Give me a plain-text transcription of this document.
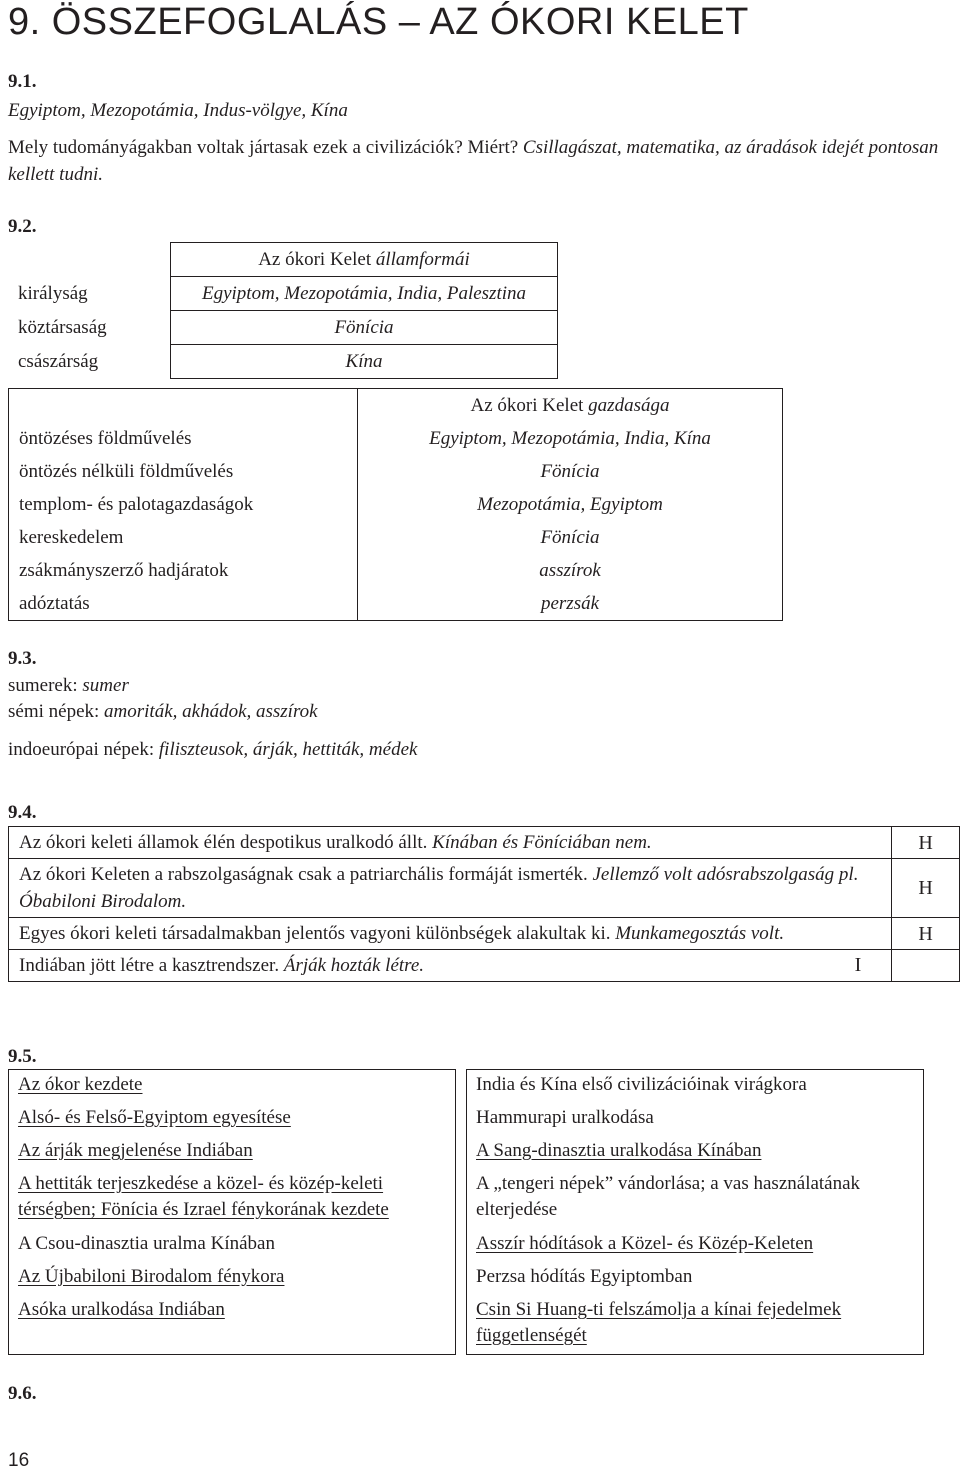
9. ÖSSZEFOGLALÁS – AZ ÓKORI KELET
9.1.
Egyiptom, Mezopotámia, Indus-völgye, Kína
Mely tudományágakban voltak jártasak ezek a civilizációk? Miért? Csillagászat, matematika, az áradások idejét pontosan kellett tudni.
9.2.
	Az ókori Kelet államformái
királyság	Egyiptom, Mezopotámia, India, Palesztina
köztársaság	Fönícia
császárság	Kína
	Az ókori Kelet gazdasága
öntözéses földművelés	Egyiptom, Mezopotámia, India, Kína
öntözés nélküli földművelés	Fönícia
templom- és palotagazdaságok	Mezopotámia, Egyiptom
kereskedelem	Fönícia
zsákmányszerző hadjáratok	asszírok
adóztatás	perzsák
9.3.
sumerek: sumer
sémi népek: amoriták, akhádok, asszírok
indoeurópai népek: filiszteusok, árják, hettiták, médek
9.4.
Az ókori keleti államok élén despotikus uralkodó állt. Kínában és Föníciában nem.	H
Az ókori Keleten a rabszolgaságnak csak a patriarchális formáját ismerték. Jellemző volt adósrabszolgaság pl. Óbabiloni Birodalom.	H
Egyes ókori keleti társadalmakban jelentős vagyoni különbségek alakultak ki. Munkamegosztás volt.	H
Indiában jött létre a kasztrendszer. Árják hozták létre. I	

9.5.
Az ókor kezdete
Alsó- és Felső-Egyiptom egyesítése
Az árják megjelenése Indiában
A hettiták terjeszkedése a közel- és közép-keleti térségben; Fönícia és Izrael fénykorának kezdete
A Csou-dinasztia uralma Kínában
Az Újbabiloni Birodalom fénykora
Asóka uralkodása Indiában
India és Kína első civilizációinak virágkora
Hammurapi uralkodása
A Sang-dinasztia uralkodása Kínában
A „tengeri népek” vándorlása; a vas használatának elterjedése
Asszír hódítások a Közel- és Közép-Keleten
Perzsa hódítás Egyiptomban
Csin Si Huang-ti felszámolja a kínai fejedelmek függetlenségét
9.6.
16
